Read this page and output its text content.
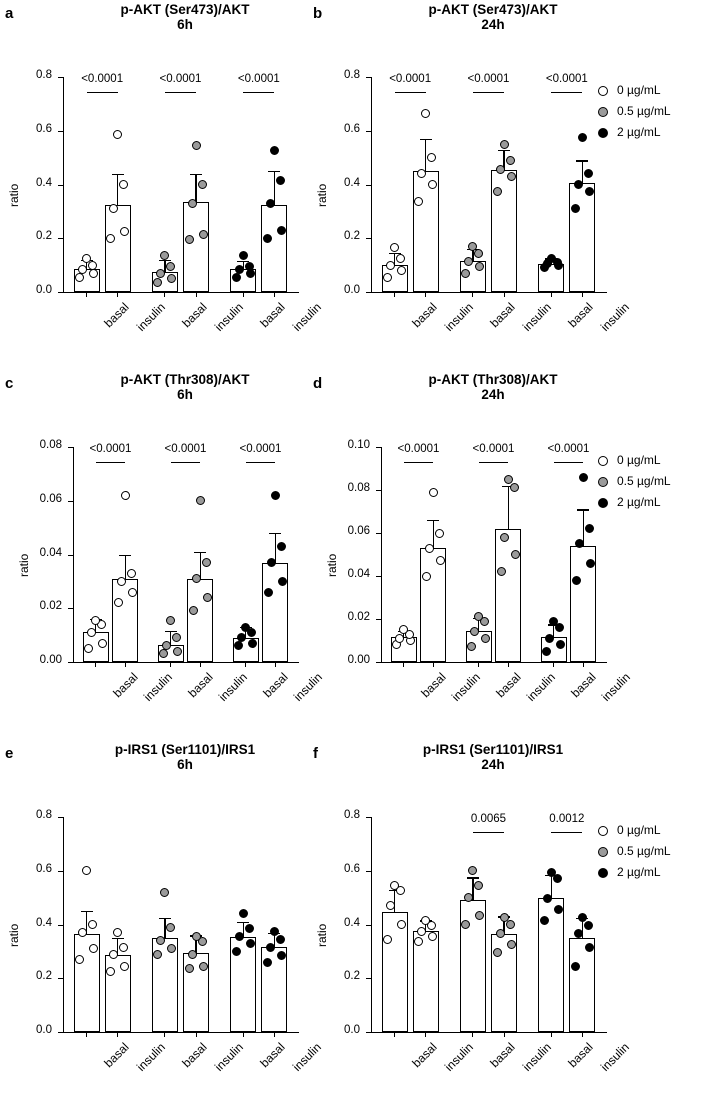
a	p-AKT (Ser473)/AKT
6h
0.0
0.2
0.4
0.6
0.8
ratio
basal insulin basal insulin basal insulin
<0.0001	<0.0001	<0.0001
b	p-AKT (Ser473)/AKT
24h
0.0
0.2
0.4
0.6
0.8
ratio
basal insulin basal insulin basal insulin
<0.0001	<0.0001	<0.0001
0 µg/mL
0.5 µg/mL
2 µg/mL
c	p-AKT (Thr308)/AKT
6h
0.00
0.02
0.04
0.06
0.08
ratio
basal insulin basal insulin basal insulin
<0.0001	<0.0001	<0.0001
d	p-AKT (Thr308)/AKT
24h
0.00
0.02
0.04
0.06
0.08
0.10
ratio
basal insulin basal insulin basal insulin
<0.0001	<0.0001	<0.0001
0 µg/mL
0.5 µg/mL
2 µg/mL
e	p-IRS1 (Ser1101)/IRS1
6h
0.0
0.2
0.4
0.6
0.8
ratio
basal insulin basal insulin basal insulin
f	p-IRS1 (Ser1101)/IRS1
24h
0.0
0.2
0.4
0.6
0.8
ratio
basal insulin basal insulin basal insulin
0.0065	0.0012
0 µg/mL
0.5 µg/mL
2 µg/mL
